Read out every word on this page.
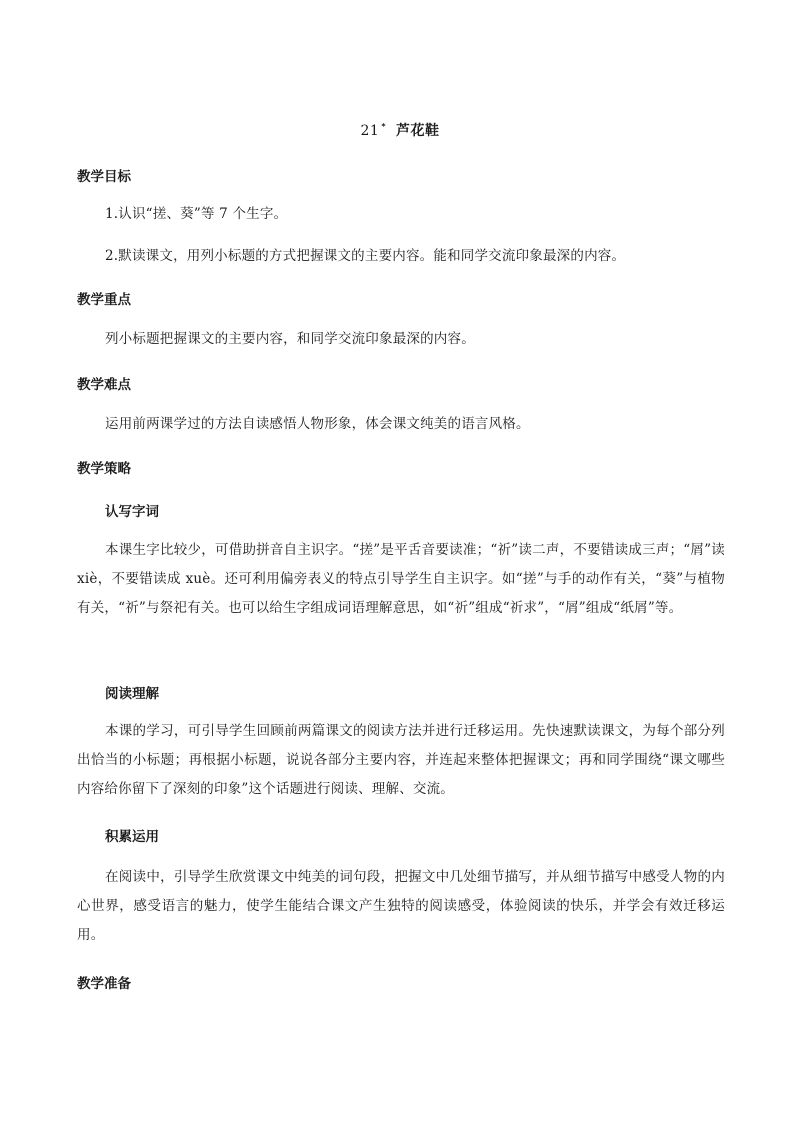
21 * 芦花鞋
教学目标
1.认识“搓、葵”等 7 个生字。
2.默读课文，用列小标题的方式把握课文的主要内容。能和同学交流印象最深的内容。
教学重点
列小标题把握课文的主要内容，和同学交流印象最深的内容。
教学难点
运用前两课学过的方法自读感悟人物形象，体会课文纯美的语言风格。
教学策略
认写字词
本课生字比较少，可借助拼音自主识字。“搓”是平舌音要读准；“祈”读二声，不要错读成三声；“屑”读 xiè，不要错读成 xuè。还可利用偏旁表义的特点引导学生自主识字。如“搓”与手的动作有关，“葵”与植物有关，“祈”与祭祀有关。也可以给生字组成词语理解意思，如“祈”组成“祈求”，“屑”组成“纸屑”等。
阅读理解
本课的学习，可引导学生回顾前两篇课文的阅读方法并进行迁移运用。先快速默读课文，为每个部分列出恰当的小标题；再根据小标题，说说各部分主要内容，并连起来整体把握课文；再和同学围绕“课文哪些内容给你留下了深刻的印象”这个话题进行阅读、理解、交流。
积累运用
在阅读中，引导学生欣赏课文中纯美的词句段，把握文中几处细节描写，并从细节描写中感受人物的内心世界，感受语言的魅力，使学生能结合课文产生独特的阅读感受，体验阅读的快乐，并学会有效迁移运用。
教学准备
